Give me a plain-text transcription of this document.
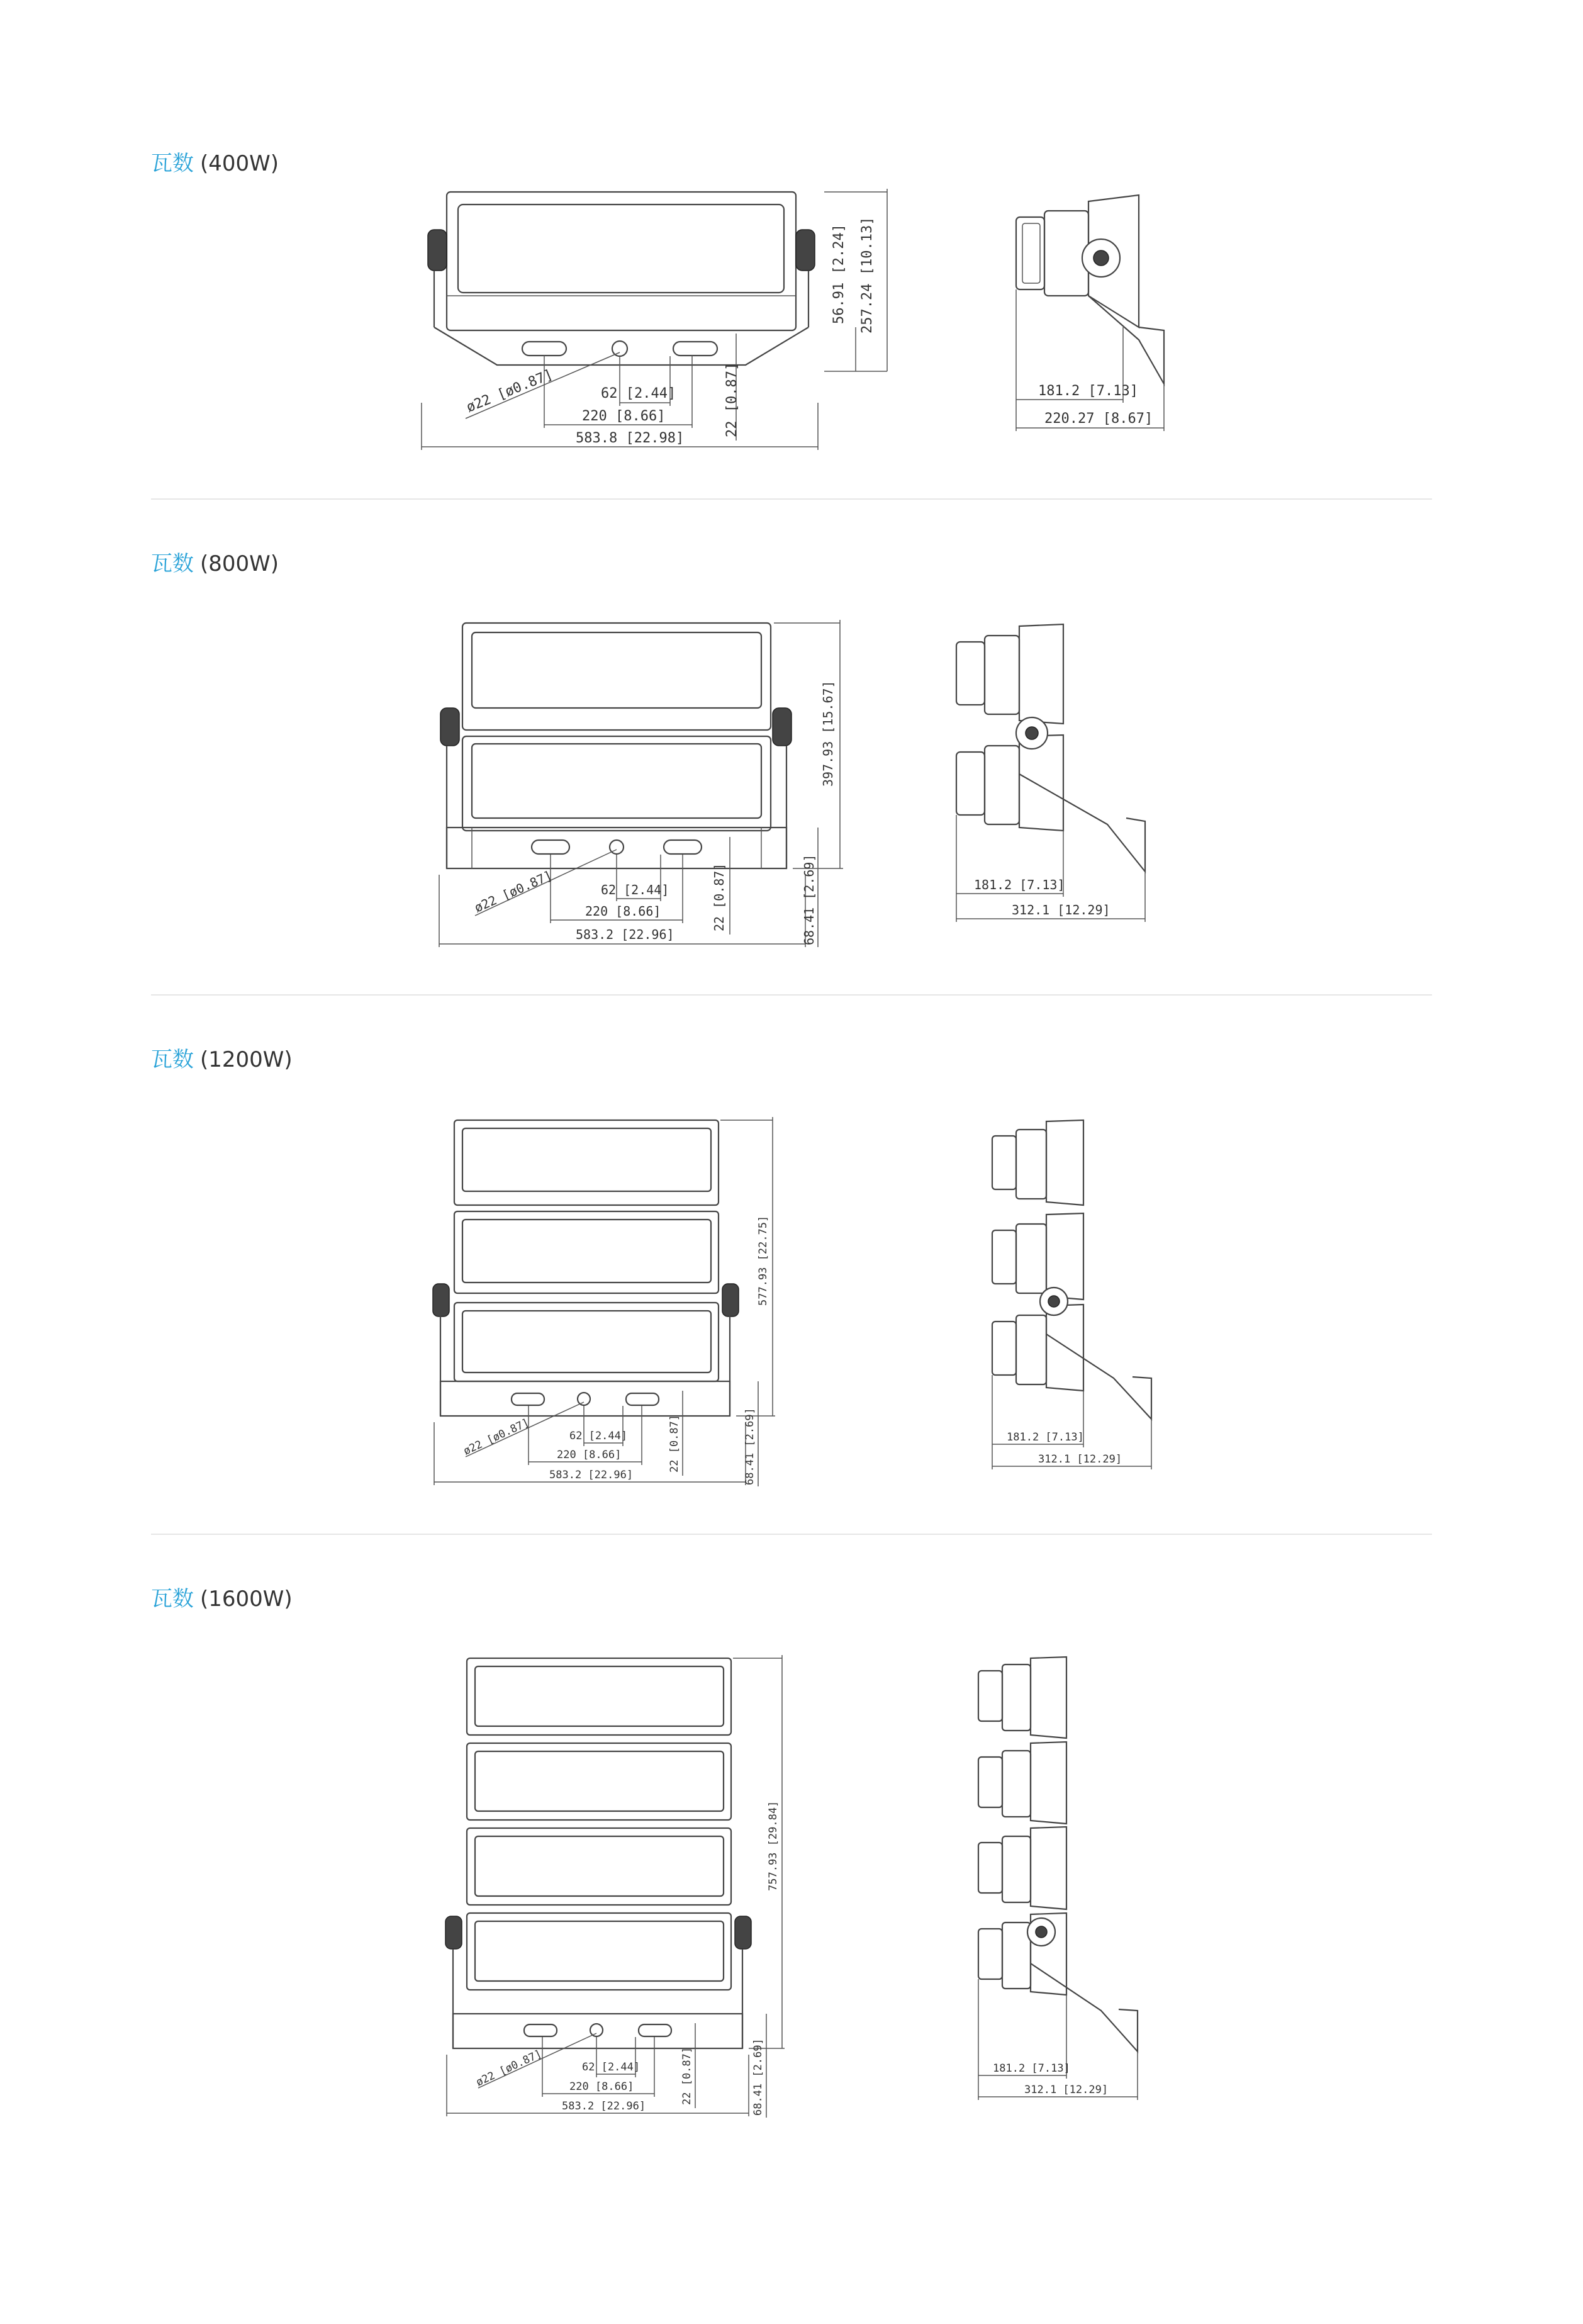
瓦数 (400W)
583.8 [22.98]
220 [8.66]
62 [2.44]
ø22 [ø0.87]	22 [0.87]
56.91 [2.24] 257.24 [10.13]
181.2 [7.13]
220.27 [8.67]
瓦数 (800W)
583.2 [22.96]
220 [8.66]
62 [2.44]
ø22 [ø0.87]	22 [0.87]	68.41 [2.69]
397.93 [15.67]
181.2 [7.13]
312.1 [12.29]
瓦数 (1200W)
583.2 [22.96]
220 [8.66]
62 [2.44]
ø22 [ø0.87]	22 [0.87]	68.41 [2.69]
577.93 [22.75]
181.2 [7.13]
312.1 [12.29]
瓦数 (1600W)
583.2 [22.96]
220 [8.66]
62 [2.44]
ø22 [ø0.87]	22 [0.87]	68.41 [2.69]
757.93 [29.84]
181.2 [7.13]
312.1 [12.29]
